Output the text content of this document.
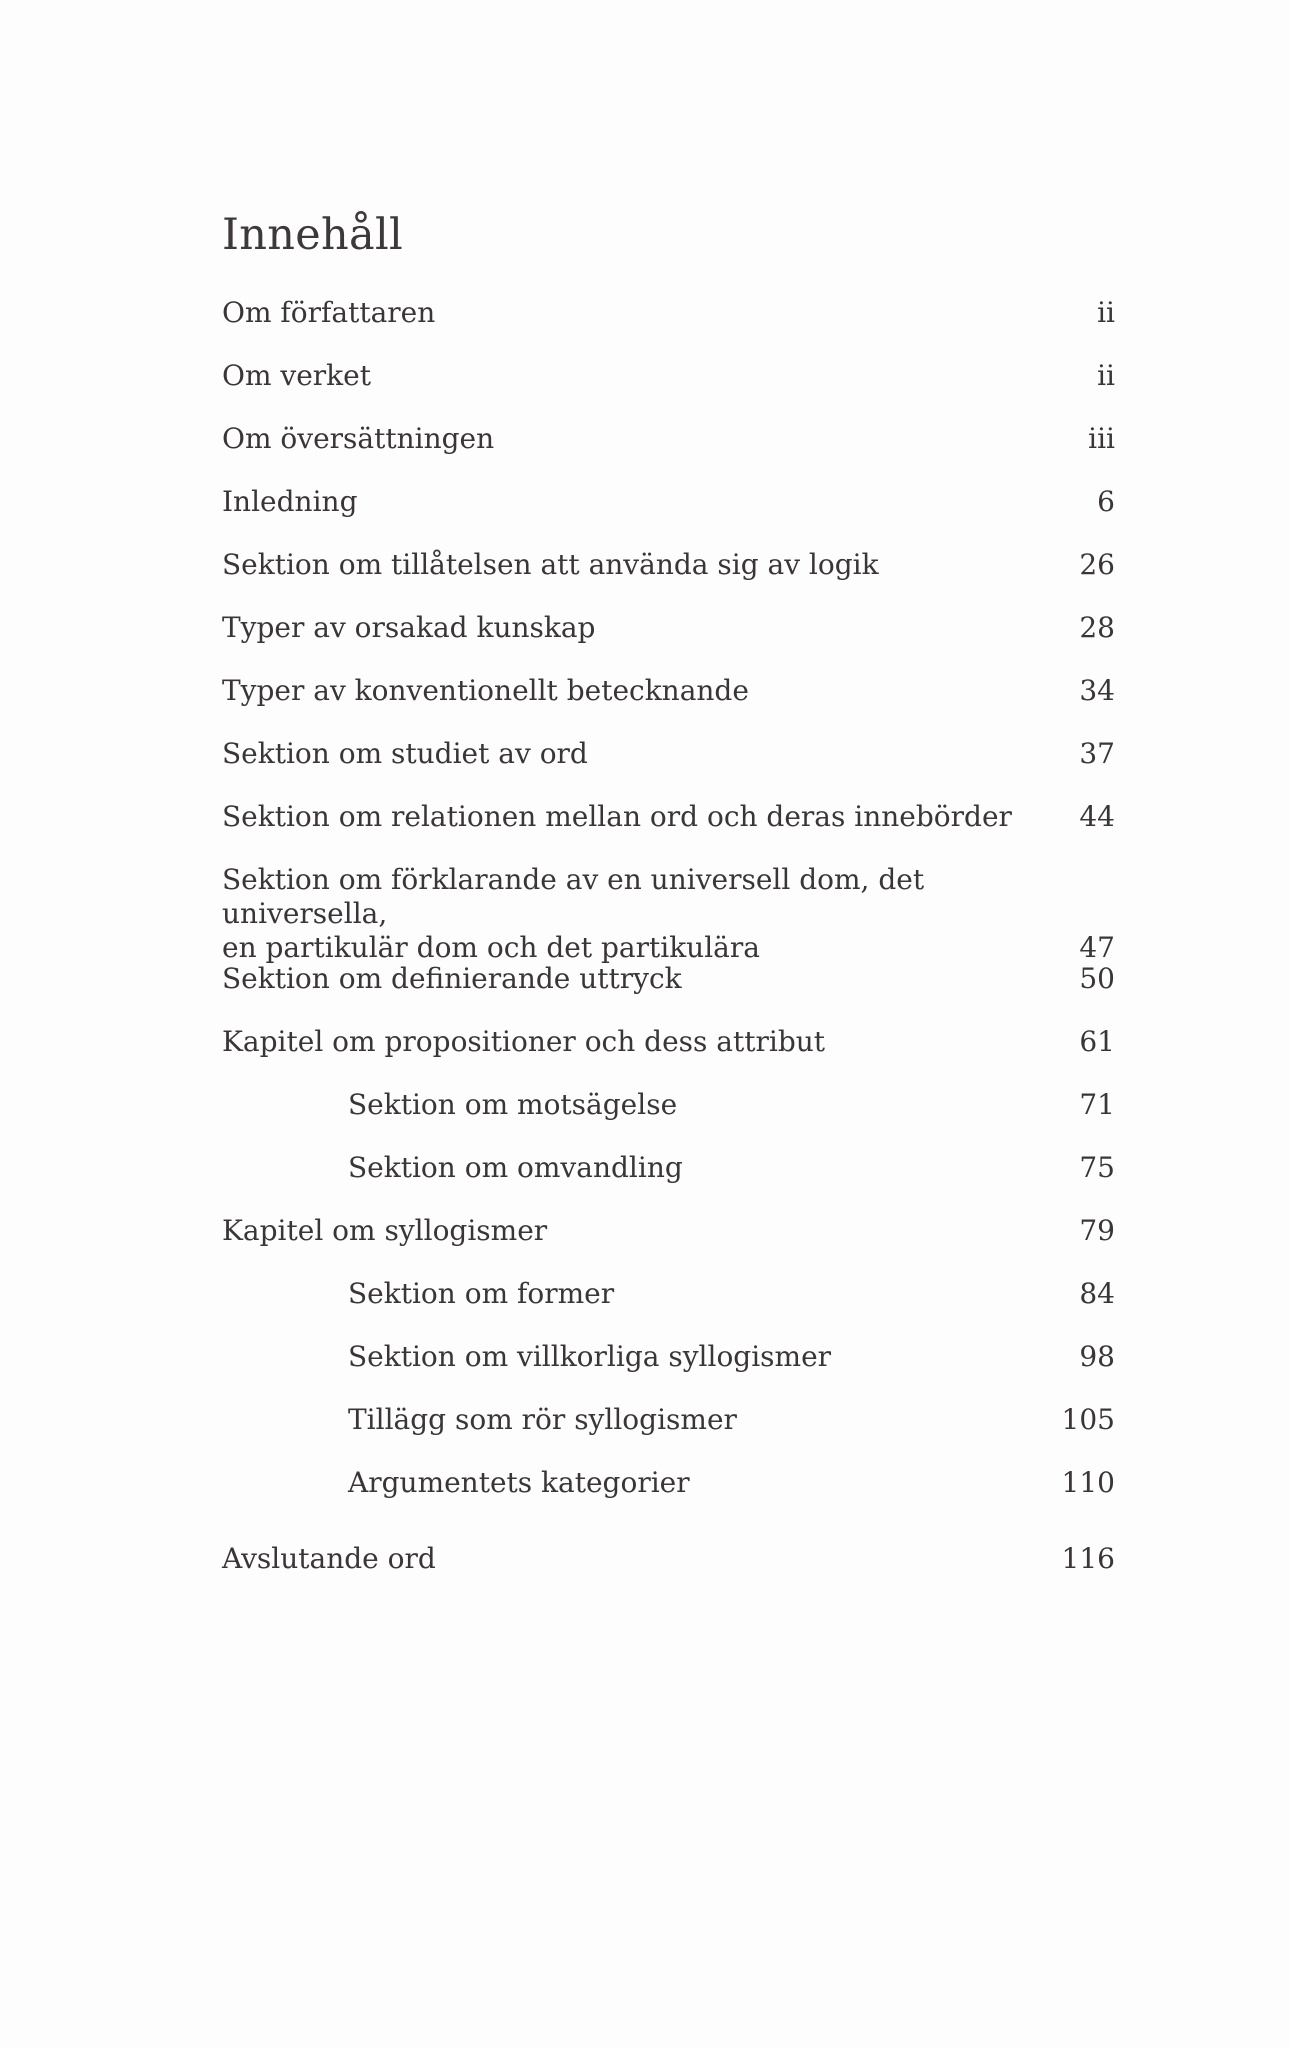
Innehåll
Om författaren	ii
Om verket	ii
Om översättningen	iii
Inledning	6
Sektion om tillåtelsen att använda sig av logik	26
Typer av orsakad kunskap	28
Typer av konventionellt betecknande	34
Sektion om studiet av ord	37
Sektion om relationen mellan ord och deras innebörder	44
Sektion om förklarande av en universell dom, det universella,
en partikulär dom och det partikulära	47
Sektion om definierande uttryck	50
Kapitel om propositioner och dess attribut	61
Sektion om motsägelse	71
Sektion om omvandling	75
Kapitel om syllogismer	79
Sektion om former	84
Sektion om villkorliga syllogismer	98
Tillägg som rör syllogismer	105
Argumentets kategorier	110
Avslutande ord	116
